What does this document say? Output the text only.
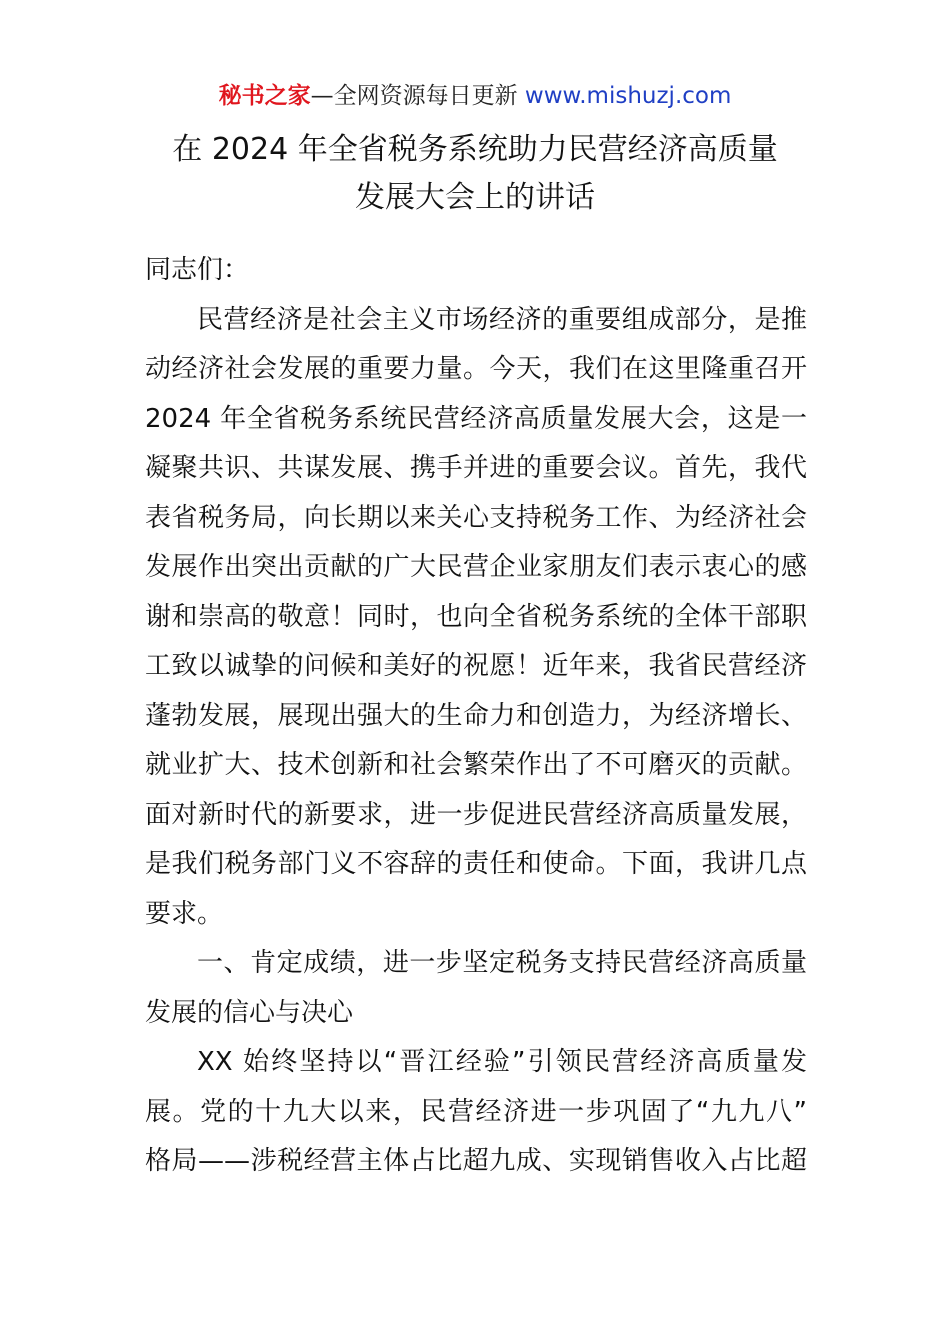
秘书之家—全网资源每日更新 www.mishuzj.com
在 2024 年全省税务系统助力民营经济高质量
发展大会上的讲话
同志们：
民营经济是社会主义市场经济的重要组成部分，是推
动经济社会发展的重要力量。今天，我们在这里隆重召开
2024 年全省税务系统民营经济高质量发展大会，这是一
凝聚共识、共谋发展、携手并进的重要会议。首先，我代
表省税务局，向长期以来关心支持税务工作、为经济社会
发展作出突出贡献的广大民营企业家朋友们表示衷心的感
谢和崇高的敬意！同时，也向全省税务系统的全体干部职
工致以诚挚的问候和美好的祝愿！近年来，我省民营经济
蓬勃发展，展现出强大的生命力和创造力，为经济增长、
就业扩大、技术创新和社会繁荣作出了不可磨灭的贡献。
面对新时代的新要求，进一步促进民营经济高质量发展，
是我们税务部门义不容辞的责任和使命。下面，我讲几点
要求。
一、肯定成绩，进一步坚定税务支持民营经济高质量
发展的信心与决心
XX 始终坚持以“晋江经验”引领民营经济高质量发
展。党的十九大以来，民营经济进一步巩固了“九九八”
格局——涉税经营主体占比超九成、实现销售收入占比超
